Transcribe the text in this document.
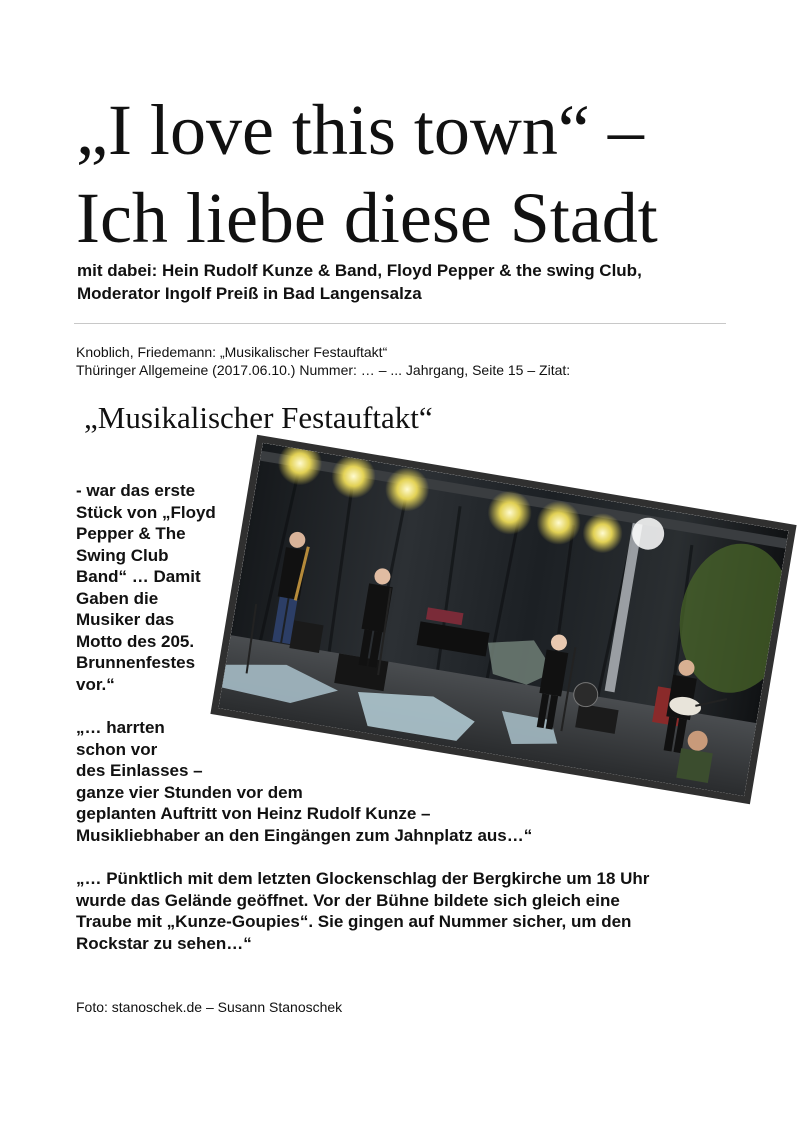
„I love this town“ –
Ich liebe diese Stadt

mit dabei: Hein Rudolf Kunze & Band, Floyd Pepper & the swing Club,
Moderator Ingolf Preiß in Bad Langensalza

Knoblich, Friedemann: „Musikalischer Festauftakt“
Thüringer Allgemeine (2017.06.10.) Nummer: … – ... Jahrgang, Seite 15 – Zitat:
„Musikalischer Festauftakt“
- war das erste
Stück von „Floyd
Pepper & The
Swing Club
Band“ … Damit
Gaben die
Musiker das
Motto des 205.
Brunnenfestes
vor.“
„… harrten
schon vor
des Einlasses –
ganze vier Stunden vor dem
geplanten Auftritt von Heinz Rudolf Kunze –
Musikliebhaber an den Eingängen zum Jahnplatz aus…“
„… Pünktlich mit dem letzten Glockenschlag der Bergkirche um 18 Uhr
wurde das Gelände geöffnet. Vor der Bühne bildete sich gleich eine
Traube mit „Kunze-Goupies“. Sie gingen auf Nummer sicher, um den
Rockstar zu sehen…“
Foto: stanoschek.de – Susann Stanoschek
